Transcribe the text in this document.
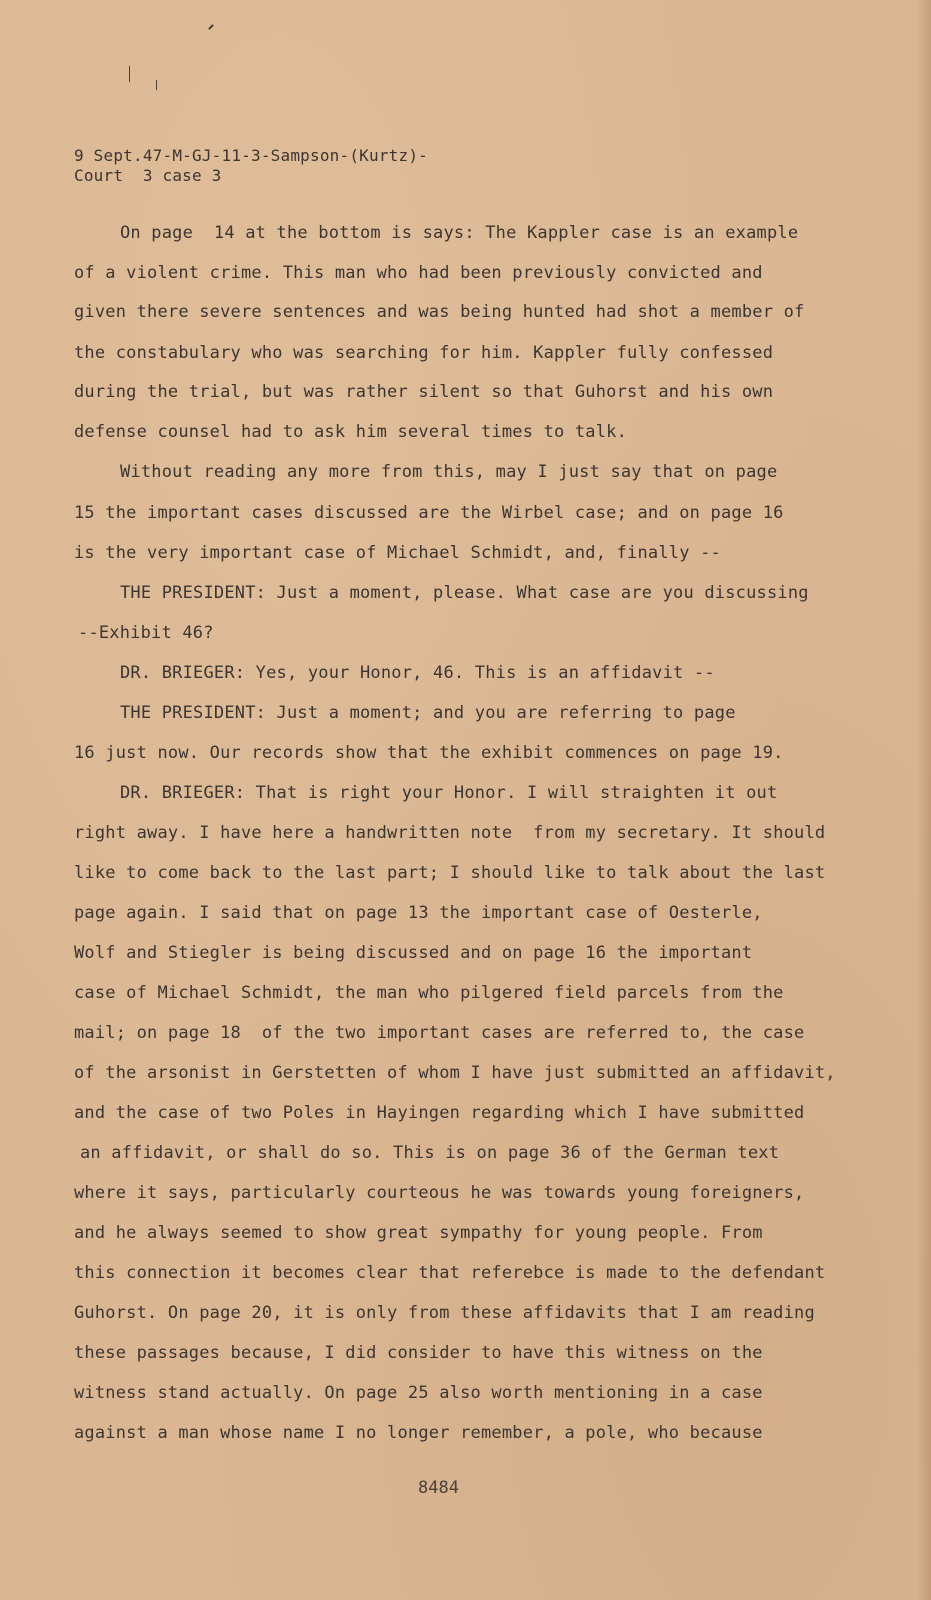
9 Sept.47-M-GJ-11-3-Sampson-(Kurtz)-
Court  3 case 3
On page  14 at the bottom is says: The Kappler case is an example
of a violent crime. This man who had been previously convicted and
given there severe sentences and was being hunted had shot a member of
the constabulary who was searching for him. Kappler fully confessed
during the trial, but was rather silent so that Guhorst and his own
defense counsel had to ask him several times to talk.
Without reading any more from this, may I just say that on page
15 the important cases discussed are the Wirbel case; and on page 16
is the very important case of Michael Schmidt, and, finally --
THE PRESIDENT: Just a moment, please. What case are you discussing
--Exhibit 46?
DR. BRIEGER: Yes, your Honor, 46. This is an affidavit --
THE PRESIDENT: Just a moment; and you are referring to page
16 just now. Our records show that the exhibit commences on page 19.
DR. BRIEGER: That is right your Honor. I will straighten it out
right away. I have here a handwritten note  from my secretary. It should
like to come back to the last part; I should like to talk about the last
page again. I said that on page 13 the important case of Oesterle,
Wolf and Stiegler is being discussed and on page 16 the important
case of Michael Schmidt, the man who pilgered field parcels from the
mail; on page 18  of the two important cases are referred to, the case
of the arsonist in Gerstetten of whom I have just submitted an affidavit,
and the case of two Poles in Hayingen regarding which I have submitted
an affidavit, or shall do so. This is on page 36 of the German text
where it says, particularly courteous he was towards young foreigners,
and he always seemed to show great sympathy for young people. From
this connection it becomes clear that referebce is made to the defendant
Guhorst. On page 20, it is only from these affidavits that I am reading
these passages because, I did consider to have this witness on the
witness stand actually. On page 25 also worth mentioning in a case
against a man whose name I no longer remember, a pole, who because
8484
